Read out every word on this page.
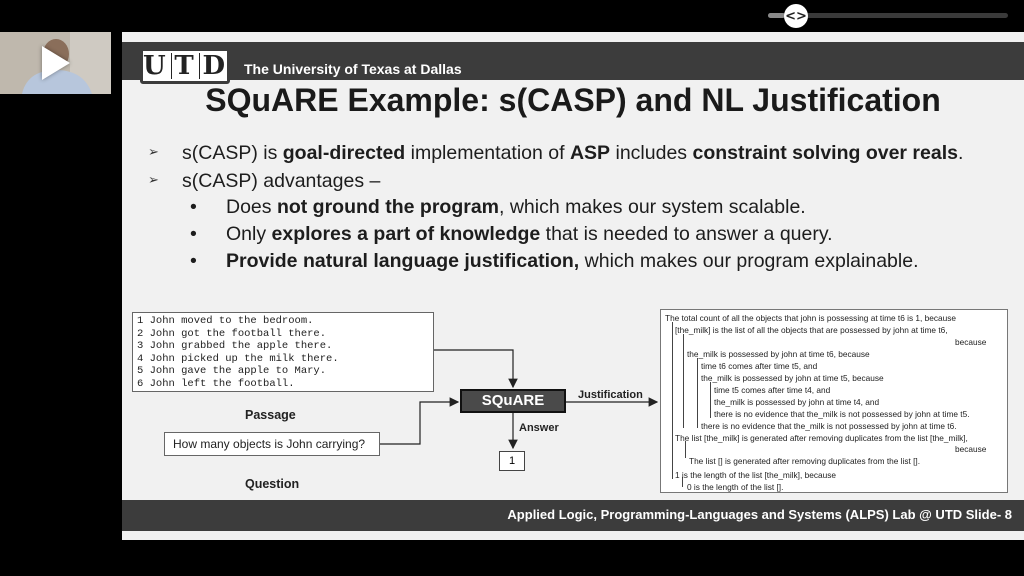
<>
U T D The University of Texas at Dallas
SQuARE Example: s(CASP) and NL Justification
➢ s(CASP) is goal-directed implementation of ASP includes constraint solving over reals.
➢ s(CASP) advantages –
• Does not ground the program, which makes our system scalable.
• Only explores a part of knowledge that is needed to answer a query.
• Provide natural language justification, which makes our program explainable.
1 John moved to the bedroom.
2 John got the football there.
3 John grabbed the apple there.
4 John picked up the milk there.
5 John gave the apple to Mary.
6 John left the football.
Passage
How many objects is John carrying?
Question
SQuARE
Answer
1
Justification
The total count of all the objects that john is possessing at time t6 is 1, because
[the_milk] is the list of all the objects that are possessed by john at time t6,
because
the_milk is possessed by john at time t6, because
time t6 comes after time t5, and
the_milk is possessed by john at time t5, because
time t5 comes after time t4, and
the_milk is possessed by john at time t4, and
there is no evidence that the_milk is not possessed by john at time t5.
there is no evidence that the_milk is not possessed by john at time t6.
The list [the_milk] is generated after removing duplicates from the list [the_milk],
because
The list [] is generated after removing duplicates from the list [].
1 is the length of the list [the_milk], because
0 is the length of the list [].
Applied Logic, Programming-Languages and Systems (ALPS) Lab @ UTD Slide- 8
